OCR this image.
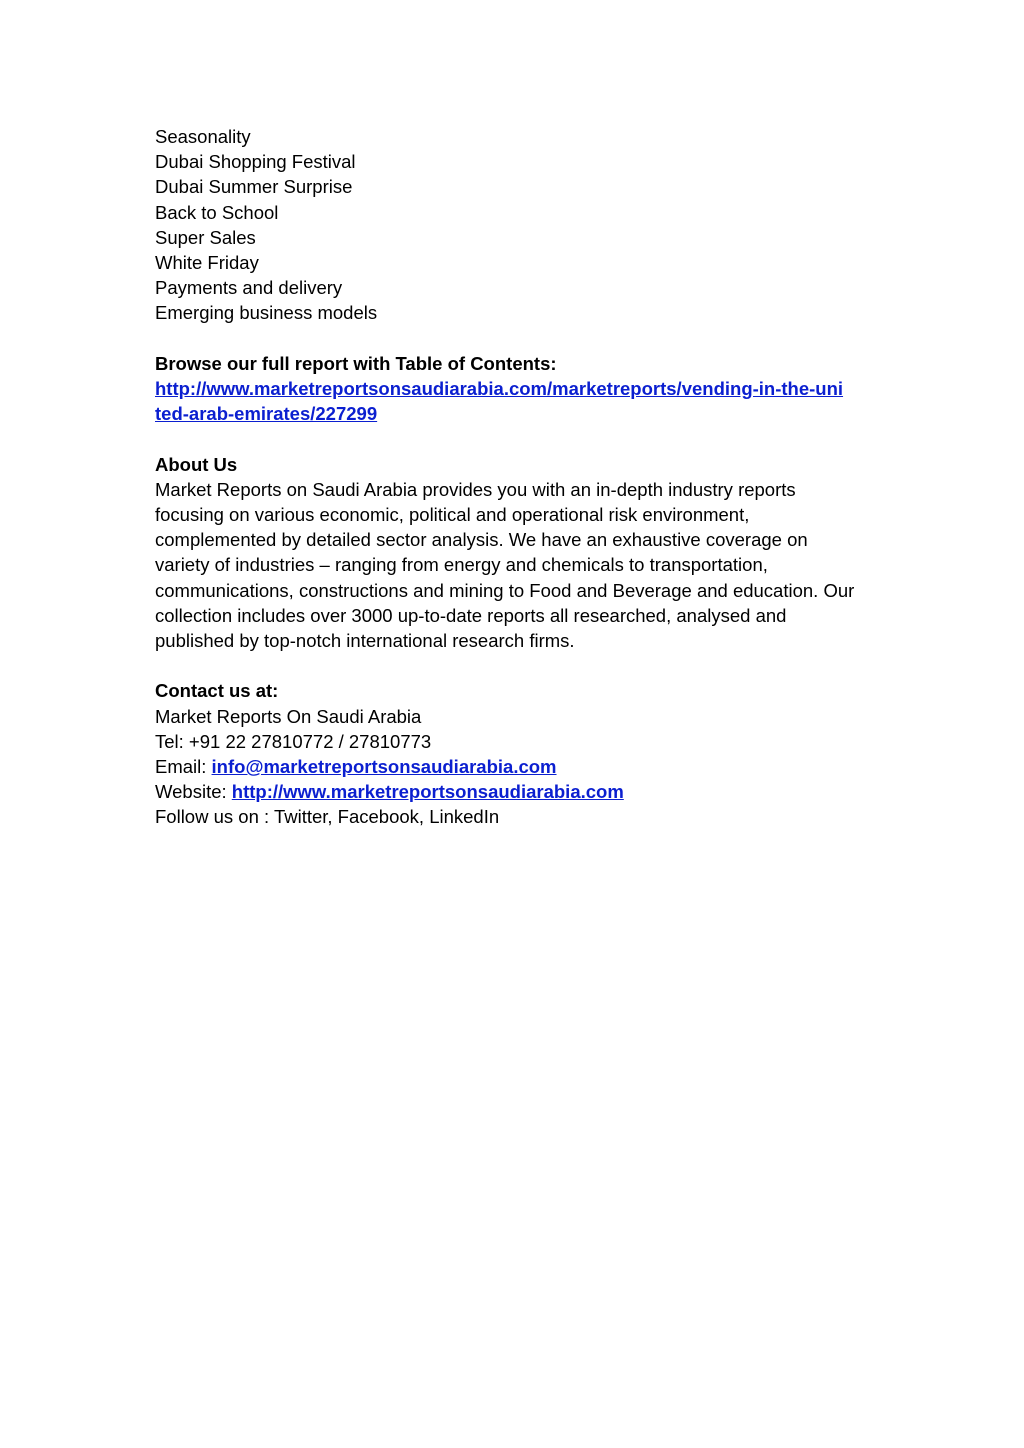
Seasonality
Dubai Shopping Festival
Dubai Summer Surprise
Back to School
Super Sales
White Friday
Payments and delivery
Emerging business models
Browse our full report with Table of Contents:
http://www.marketreportsonsaudiarabia.com/marketreports/vending-in-the-united-arab-emirates/227299
About Us
Market Reports on Saudi Arabia provides you with an in-depth industry reports focusing on various economic, political and operational risk environment, complemented by detailed sector analysis. We have an exhaustive coverage on variety of industries – ranging from energy and chemicals to transportation, communications, constructions and mining to Food and Beverage and education. Our collection includes over 3000 up-to-date reports all researched, analysed and published by top-notch international research firms.
Contact us at:
Market Reports On Saudi Arabia
Tel: +91 22 27810772 / 27810773
Email: info@marketreportsonsaudiarabia.com
Website: http://www.marketreportsonsaudiarabia.com
Follow us on : Twitter, Facebook, LinkedIn
